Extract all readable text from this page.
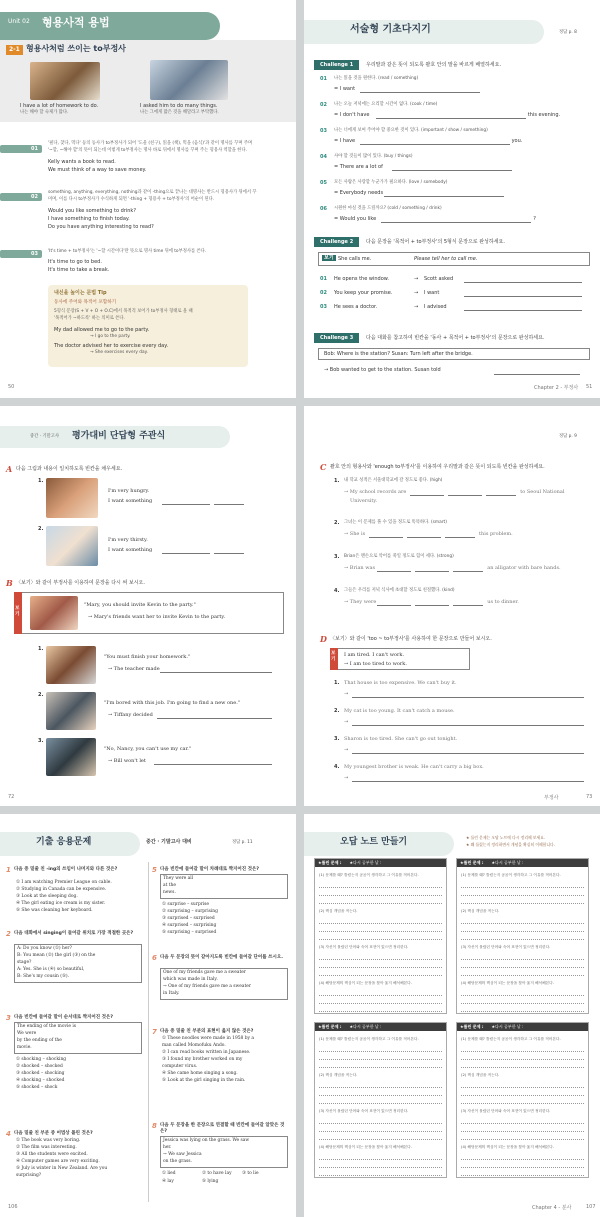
Unit 02 형용사적 용법
2-1 형용사처럼 쓰이는 to부정사
I have a lot of homework to do.
나는 해야 할 숙제가 많다.
I asked him to do many things.
나는 그에게 많은 것을 해달라고 부탁했다.
01
'필다, 찾다, 먹다' 등의 동사가 to부정사가 되어 '도울 (친구), 읽을 (책), 먹을 (음식)'과 같이 명사를 꾸며 주며
'~할, ~해야 할'의 뜻이 되는데 이렇게 to부정사는 명사 바로 뒤에서 명사를 꾸며 주는 형용사 역할을 한다.
Kelly wants a book to read.
We must think of a way to save money.
02
something, anything, everything, nothing과 같이 -thing으로 끝나는 대명사는 반드시 형용사가 뒤에서 꾸
미며, 이를 다시 to부정사가 수식하게 되면 '-thing + 형용사 + to부정사'의 어순이 된다.
Would you like something to drink?
I have something to finish today.
Do you have anything interesting to read?
03	'It's time + to부정사'는 '~할 시간이다'란 뜻으로 명사 time 뒤에 to부정사를 쓴다.
It's time to go to bed.
It's time to take a break.
내신을 높이는 문법 Tip
동사에 주어와 목적어 포함하기
5형식 문장(S + V + O + O.C)에서 목적격 보어가 to부정사 형태로 올 때
'목적어가 ~하도록' 하는 의미로 쓴다.
My dad allowed me to go to the party.
→ I go to the party.
The doctor advised her to exercise every day.
→ She exercises every day.
50
서술형 기초다지기	정답 p. 8
Challenge 1	우리말과 같은 뜻이 되도록 괄호 안의 말을 바르게 배열하세요.
Challenge 2	다음 문장을 '목적어 + to부정사'의 5형식 문장으로 완성하세요.
보기 She calls me.	Please tell her to call me.
Challenge 3	다음 대화를 참고하여 빈칸을 '동사 + 목적어 + to부정사'의 문장으로 완성하세요.
Bob: Where is the station? Susan: Turn left after the bridge.
→ Bob wanted to get to the station. Susan told
Chapter 2 - 부정사 51
01 나는 읽을 것을 원한다. (read / something)
= I want
02 나는 오늘 저녁에는 요리할 시간이 없다. (cook / time)
= I don't have	this evening.
03 나는 너에게 보여 주어야 할 중요한 것이 있다. (important / show / something)
= I have	you.
04 사야 할 것들이 많이 있다. (buy / things)
= There are a lot of
05 모든 사람은 사랑할 누군가가 필요하다. (love / somebody)
= Everybody needs
06 시원한 마실 것을 드릴까요? (cold / something / drink)
= Would you like	?
01 He opens the window.	→ Scott asked
02 You keep your promise.	→ I want
03 He sees a doctor.	→ I advised
중간 · 기말고사 평가대비 단답형 주관식
A 다음 그림과 내용이 일치하도록 빈칸을 채우세요.
1.
I'm very hungry.
I want something
2.
I'm very thirsty.
I want something
B 〈보기〉와 같이 부정사를 이용하여 문장을 다시 써 보시오.
보기
"Mary, you should invite Kevin to the party."
→ Mary's friends want her to invite Kevin to the party.
72
1.
"You must finish your homework."
→ The teacher made
2.
"I'm bored with this job. I'm going to find a new one."
→ Tiffany decided
3.
"No, Nancy, you can't use my car."
→ Bill won't let
정답 p. 9
C 괄호 안의 형용사와 'enough to부정사'를 이용하여 우리말과 같은 뜻이 되도록 빈칸을 완성하세요.
D 〈보기〉와 같이 'too ~ to부정사'를 사용하여 한 문장으로 만들어 보시오.
보기
I am tired. I can't work.
→ I am too tired to work.
부정사	73
1. 내 학교 성적은 서울대학교에 갈 정도로 좋다. (high)
→ My school records are	to Seoul National
University.
2. 그녀는 이 문제를 풀 수 있을 정도로 똑똑하다. (smart)
→ She is	this problem.
3. Brian은 맨손으로 악어를 죽일 정도로 힘이 세다. (strong)
→ Brian was	an alligator with bare hands.
4. 그들은 우리를 저녁 식사에 초대할 정도로 친절했다. (kind)
→ They were	us to dinner.
1. That house is too expensive. We can't buy it.
→
2. My cat is too young. It can't catch a mouse.
→
3. Sharon is too tired. She can't go out tonight.
→
4. My youngest brother is weak. He can't carry a big box.
→
기출 응용문제	중간 · 기말고사 대비	정답 p. 11
106
1 다음 중 밑줄 친 -ing의 쓰임이 나머지와 다른 것은?
① I am watching Premier League on cable.
② Studying in Canada can be expensive.
③ Look at the sleeping dog.
④ The girl eating ice cream is my sister.
⑤ She was cleaning her keyboard.
2 다음 대화에서 singing이 들어갈 위치로 가장 적절한 곳은?
A: Do you know (①) her?
B: You mean (②) the girl (③) on the
stage?
A: Yes. She is (④) so beautiful,
B: She's my cousin (⑤).
3 다음 빈칸에 들어갈 말이 순서대로 짝지어진 것은?
The ending of the movie is
We were
by the ending of the
movie.
① shocking – shocking
② shocked – shocked
③ shocked – shocking
④ shocking – shocked
⑤ shocked – shock
4 다음 밑줄 친 부분 중 어법상 틀린 것은?
① The book was very boring.
② The film was interesting.
③ All the students were excited.
④ Computer games are very exciting.
⑤ July is winter in New Zealand. Are you
surprising?
5 다음 빈칸에 들어갈 말이 차례대로 짝지어진 것은?
They were all
at the
news.
① surprise – surprise
② surprising – surprising
③ surprised – surprised
④ surprised – surprising
⑤ surprising – surprised
6 다음 두 문장의 뜻이 같아지도록 빈칸에 들어갈 단어를 쓰시오.
One of my friends gave me a sweater
which was made in Italy.
→ One of my friends gave me a sweater
in Italy.
7 다음 중 밑줄 친 부분의 표현이 옳지 않은 것은?
① These noodles were made in 1958 by a
man called Momofuku Ando.
② I can read books written in Japanese.
③ I found my brother worked on my
computer virus.
④ She came home singing a song.
⑤ Look at the girl singing in the rain.
8 다음 두 문장을 한 문장으로 연결할 때 빈칸에 들어갈 알맞은 것은?
Jessica was lying on the grass. We saw
her.
→ We saw Jessica
on the grass.
① lied	② to have lay ③ to lie
④ lay	⑤ lying
오답 노트 만들기	★ 틀린 문제는 오답 노트에 다시 정리해 보세요.
★ 왜 틀렸는지 정리하면서 개념을 확실히 이해합니다.
Chapter 4 - 분사	107
★틀린 문제 : ★다시 공부한 날 :
(1) 문제를 왜? 틀렸는지 곰곰이 생각하고 그 이유를 적어본다.
(2) 핵심 개념을 적는다.
(3) 자신이 몰랐던 단어와 숙어 표현이 있으면 정리한다.
(4) 해당문제의 핵심이 되는 문장을 찾아 옮겨 해석해본다.
★틀린 문제 : ★다시 공부한 날 :
(1) 문제를 왜? 틀렸는지 곰곰이 생각하고 그 이유를 적어본다.
(2) 핵심 개념을 적는다.
(3) 자신이 몰랐던 단어와 숙어 표현이 있으면 정리한다.
(4) 해당문제의 핵심이 되는 문장을 찾아 옮겨 해석해본다.
★틀린 문제 : ★다시 공부한 날 :
(1) 문제를 왜? 틀렸는지 곰곰이 생각하고 그 이유를 적어본다.
(2) 핵심 개념을 적는다.
(3) 자신이 몰랐던 단어와 숙어 표현이 있으면 정리한다.
(4) 해당문제의 핵심이 되는 문장을 찾아 옮겨 해석해본다.
★틀린 문제 : ★다시 공부한 날 :
(1) 문제를 왜? 틀렸는지 곰곰이 생각하고 그 이유를 적어본다.
(2) 핵심 개념을 적는다.
(3) 자신이 몰랐던 단어와 숙어 표현이 있으면 정리한다.
(4) 해당문제의 핵심이 되는 문장을 찾아 옮겨 해석해본다.
